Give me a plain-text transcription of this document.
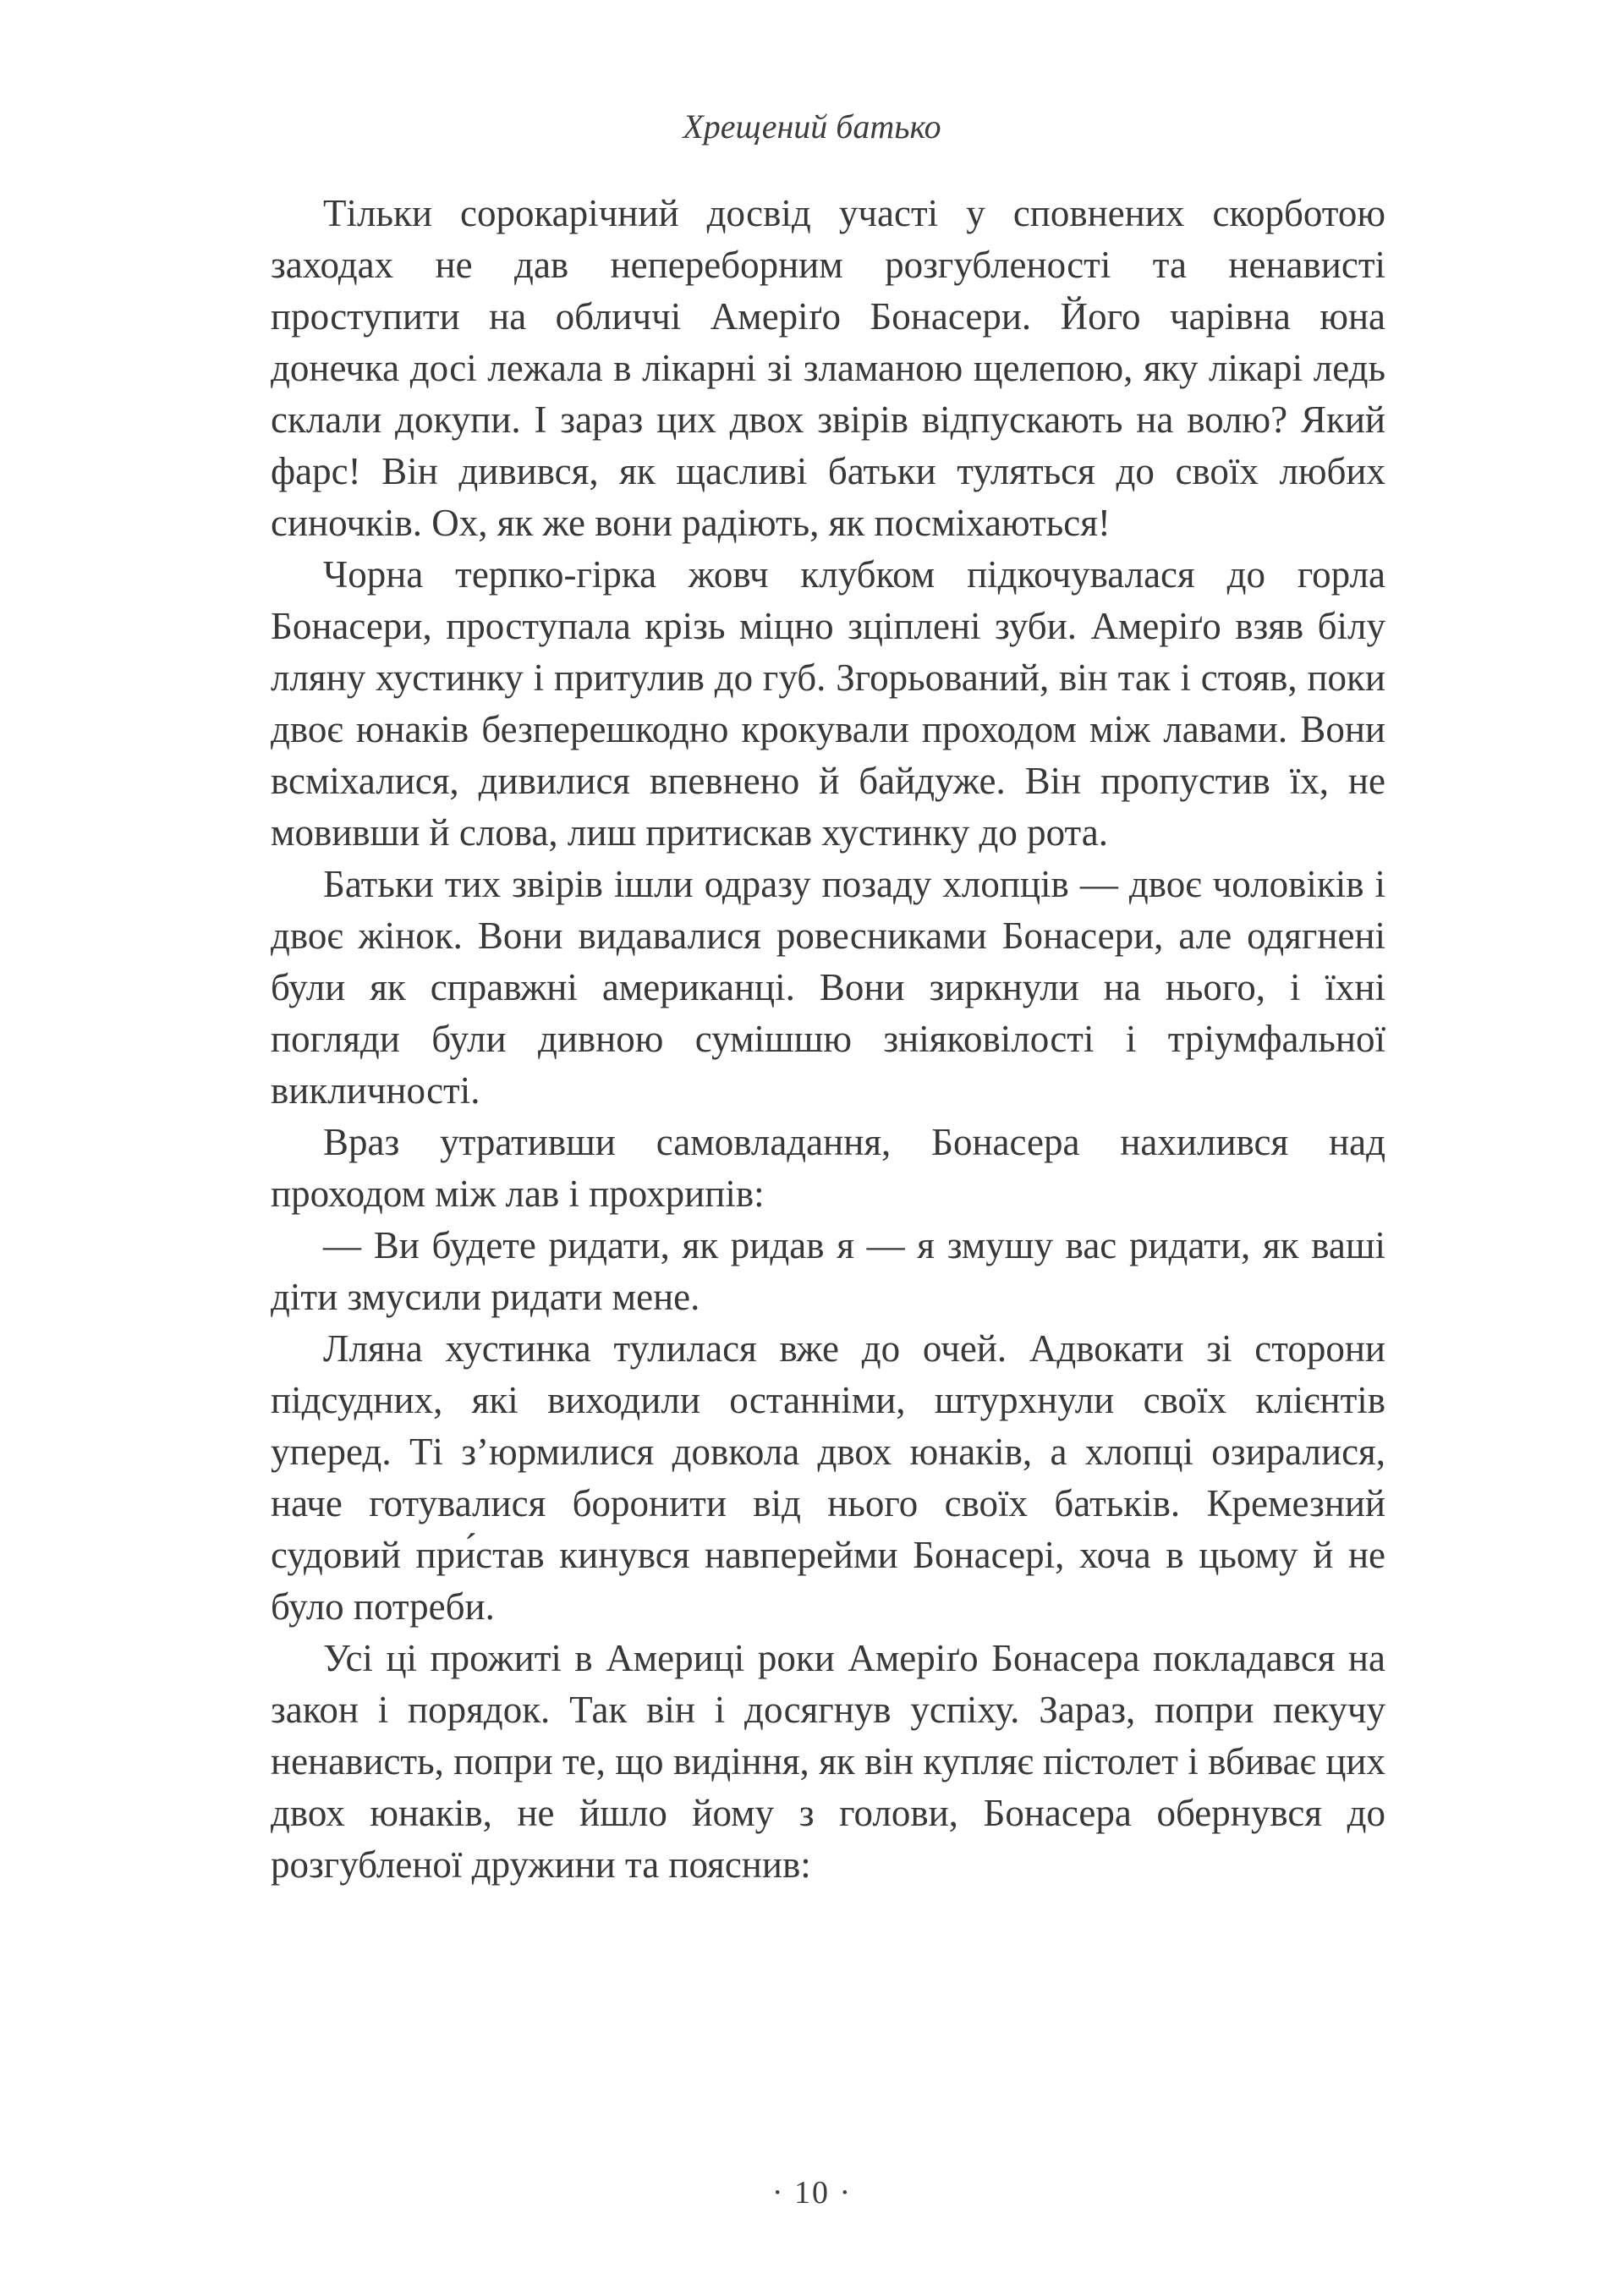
Хрещений батько

Тільки сорокарічний досвід участі у сповнених скорботою заходах не дав непереборним розгубленості та ненависті проступити на обличчі Амеріґо Бонасери. Його чарівна юна донечка досі лежала в лікарні зі зламаною щелепою, яку лікарі ледь склали докупи. І зараз цих двох звірів відпускають на волю? Який фарс! Він дивився, як щасливі батьки туляться до своїх любих синочків. Ох, як же вони радіють, як посміхаються!

Чорна терпко-гірка жовч клубком підкочувалася до горла Бонасери, проступала крізь міцно зціплені зуби. Амеріґо взяв білу лляну хустинку і притулив до губ. Згорьований, він так і стояв, поки двоє юнаків безперешкодно крокували проходом між лавами. Вони всміхалися, дивилися впевнено й байдуже. Він пропустив їх, не мовивши й слова, лиш притискав хустинку до рота.

Батьки тих звірів ішли одразу позаду хлопців — двоє чоловіків і двоє жінок. Вони видавалися ровесниками Бонасери, але одягнені були як справжні американці. Вони зиркнули на нього, і їхні погляди були дивною сумішшю зніяковілості і тріумфальної викличності.

Враз утративши самовладання, Бонасера нахилився над проходом між лав і прохрипів:

— Ви будете ридати, як ридав я — я змушу вас ридати, як ваші діти змусили ридати мене.

Лляна хустинка тулилася вже до очей. Адвокати зі сторони підсудних, які виходили останніми, штурхнули своїх клієнтів уперед. Ті з’юрмилися довкола двох юнаків, а хлопці озиралися, наче готувалися боронити від нього своїх батьків. Кремезний судовий при́став кинувся навперейми Бонасері, хоча в цьому й не було потреби.

Усі ці прожиті в Америці роки Амеріґо Бонасера покладався на закон і порядок. Так він і досягнув успіху. Зараз, попри пекучу ненависть, попри те, що видіння, як він купляє пістолет і вбиває цих двох юнаків, не йшло йому з голови, Бонасера обернувся до розгубленої дружини та пояснив:

· 10 ·
